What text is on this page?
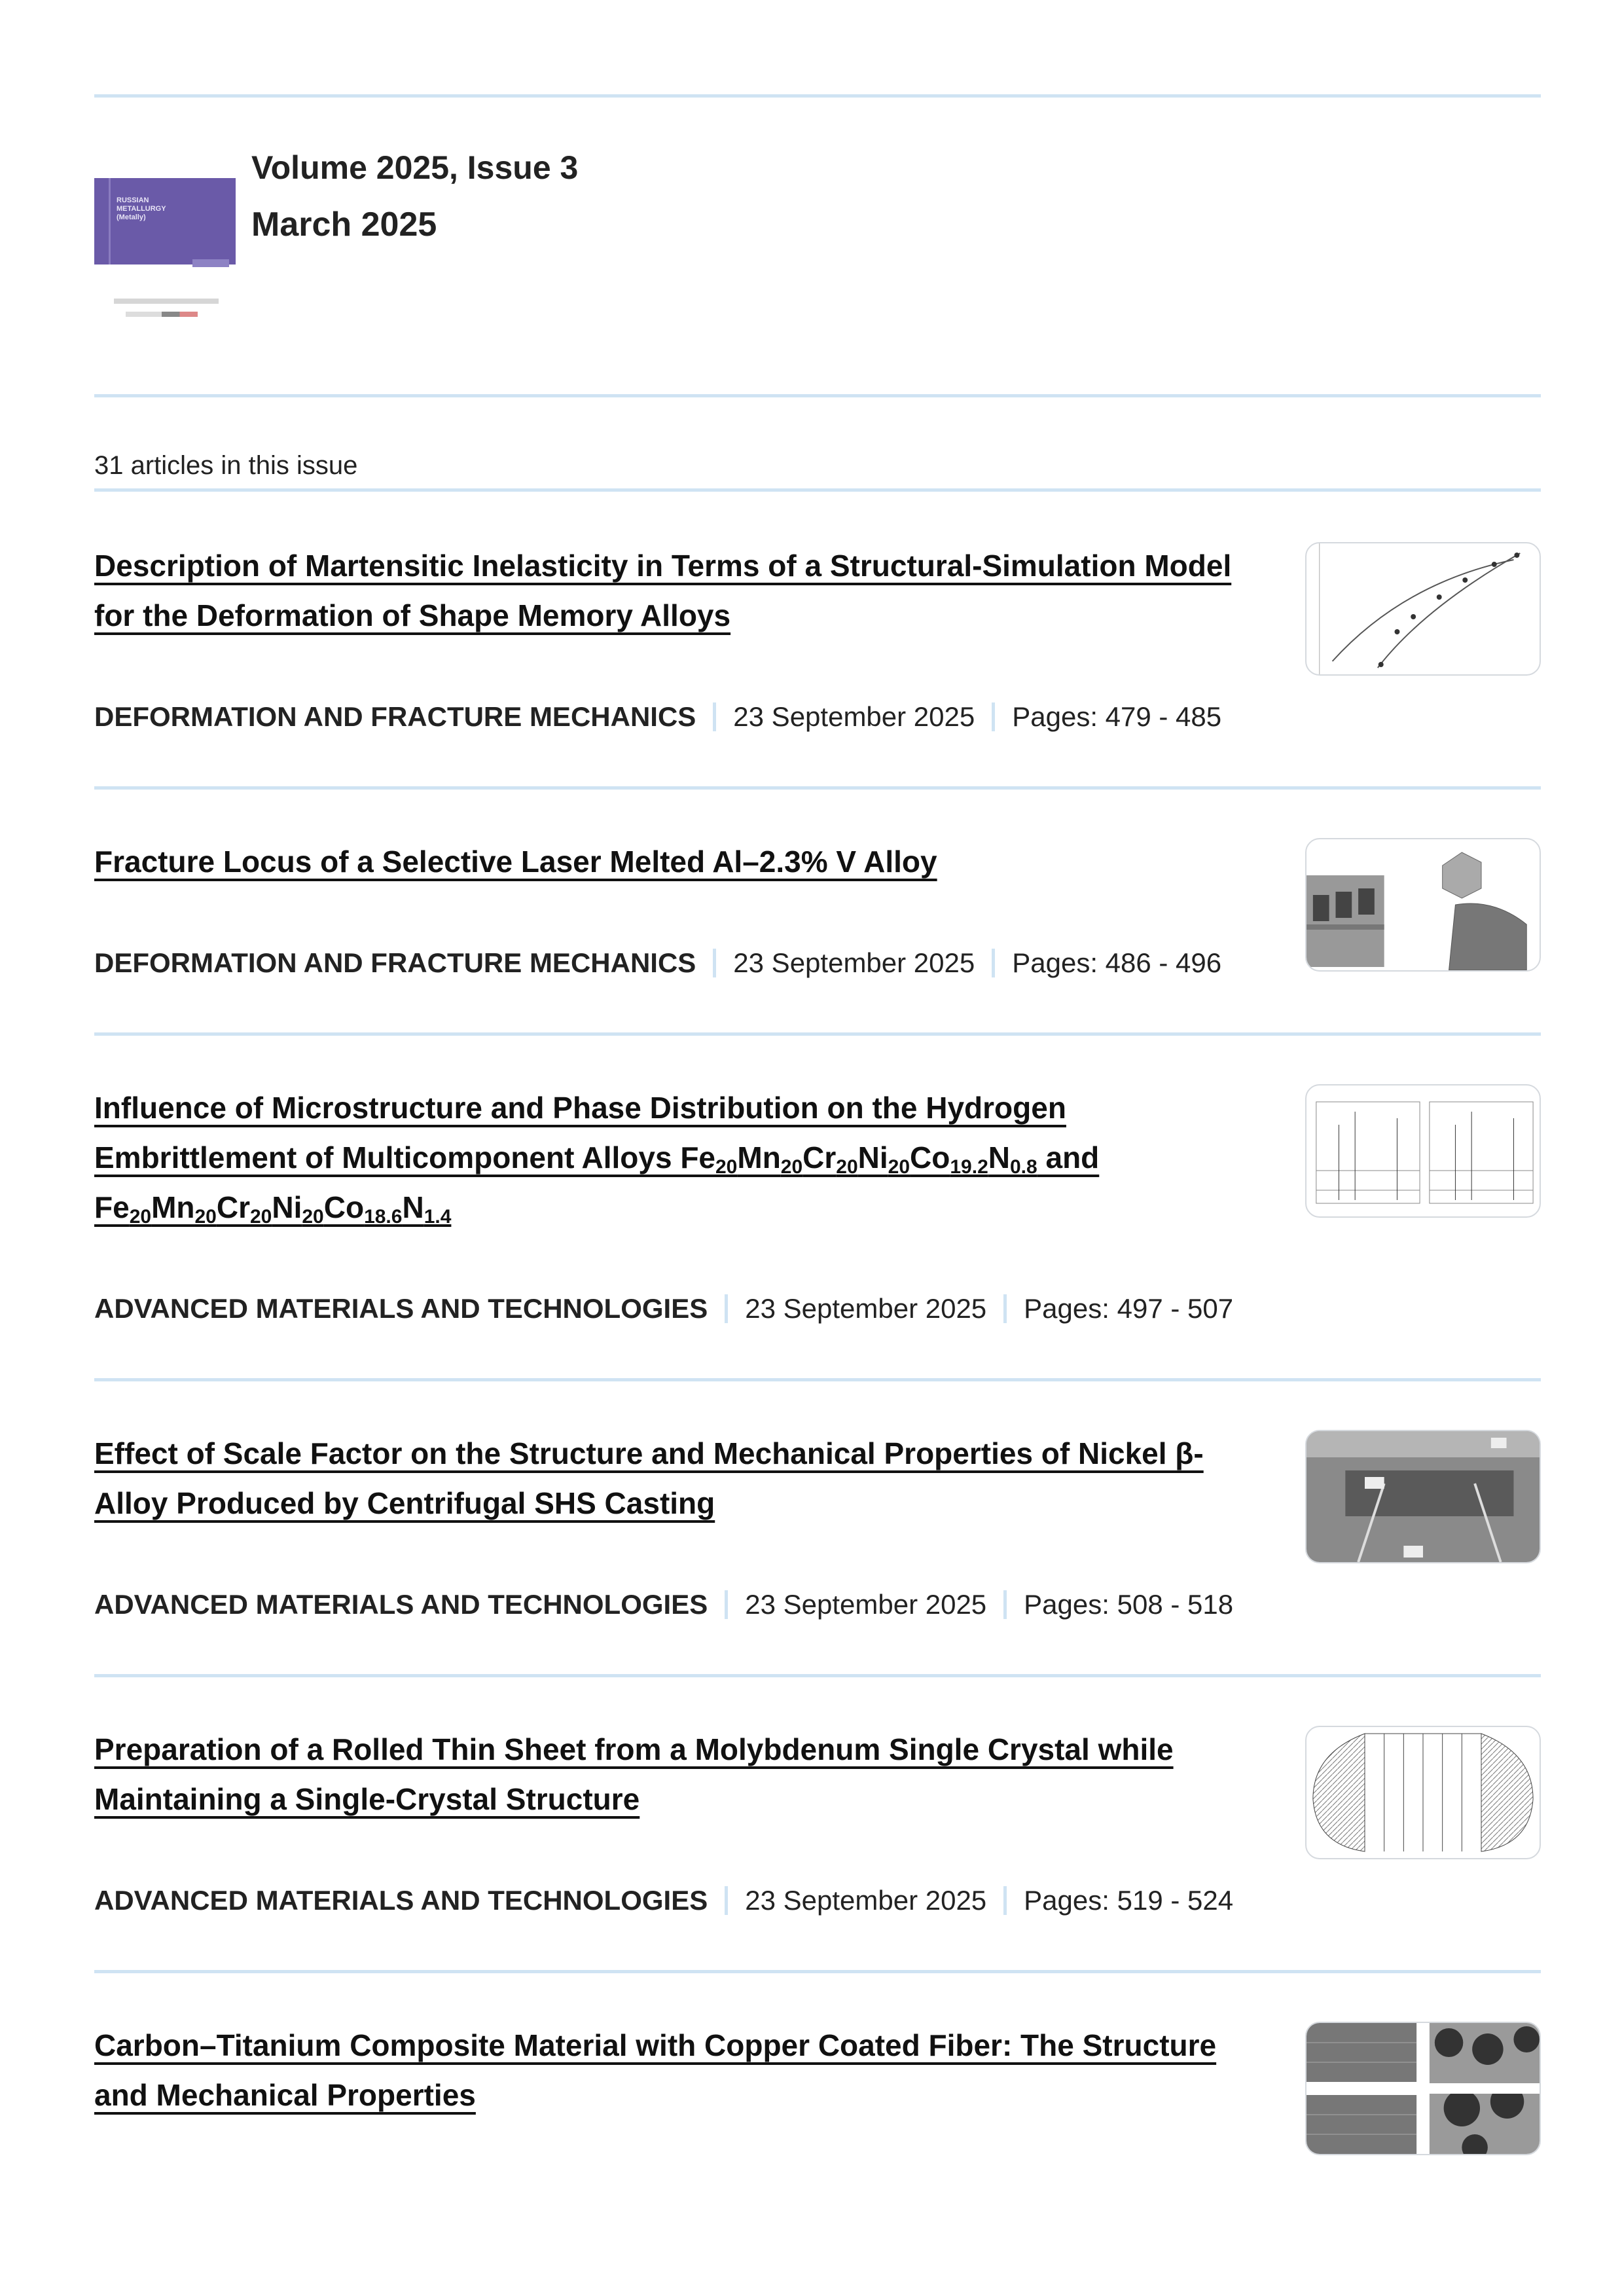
RUSSIAN METALLURGY (Metally)
Volume 2025, Issue 3
March 2025
31 articles in this issue
Description of Martensitic Inelasticity in Terms of a Structural-Simulation Model for the Deformation of Shape Memory Alloys
DEFORMATION AND FRACTURE MECHANICS 23 September 2025 Pages: 479 - 485
Fracture Locus of a Selective Laser Melted Al–2.3% V Alloy
DEFORMATION AND FRACTURE MECHANICS 23 September 2025 Pages: 486 - 496
Influence of Microstructure and Phase Distribution on the Hydrogen Embrittlement of Multicomponent Alloys $Fe_{20}Mn_{20}Cr_{20}Ni_{20}Co_{19.2}N_{0.8}$ and $Fe_{20}Mn_{20}Cr_{20}Ni_{20}Co_{18.6}N_{1.4}$
ADVANCED MATERIALS AND TECHNOLOGIES 23 September 2025 Pages: 497 - 507
Effect of Scale Factor on the Structure and Mechanical Properties of Nickel β-Alloy Produced by Centrifugal SHS Casting
ADVANCED MATERIALS AND TECHNOLOGIES 23 September 2025 Pages: 508 - 518
Preparation of a Rolled Thin Sheet from a Molybdenum Single Crystal while Maintaining a Single-Crystal Structure
ADVANCED MATERIALS AND TECHNOLOGIES 23 September 2025 Pages: 519 - 524
Carbon–Titanium Composite Material with Copper Coated Fiber: The Structure and Mechanical Properties
